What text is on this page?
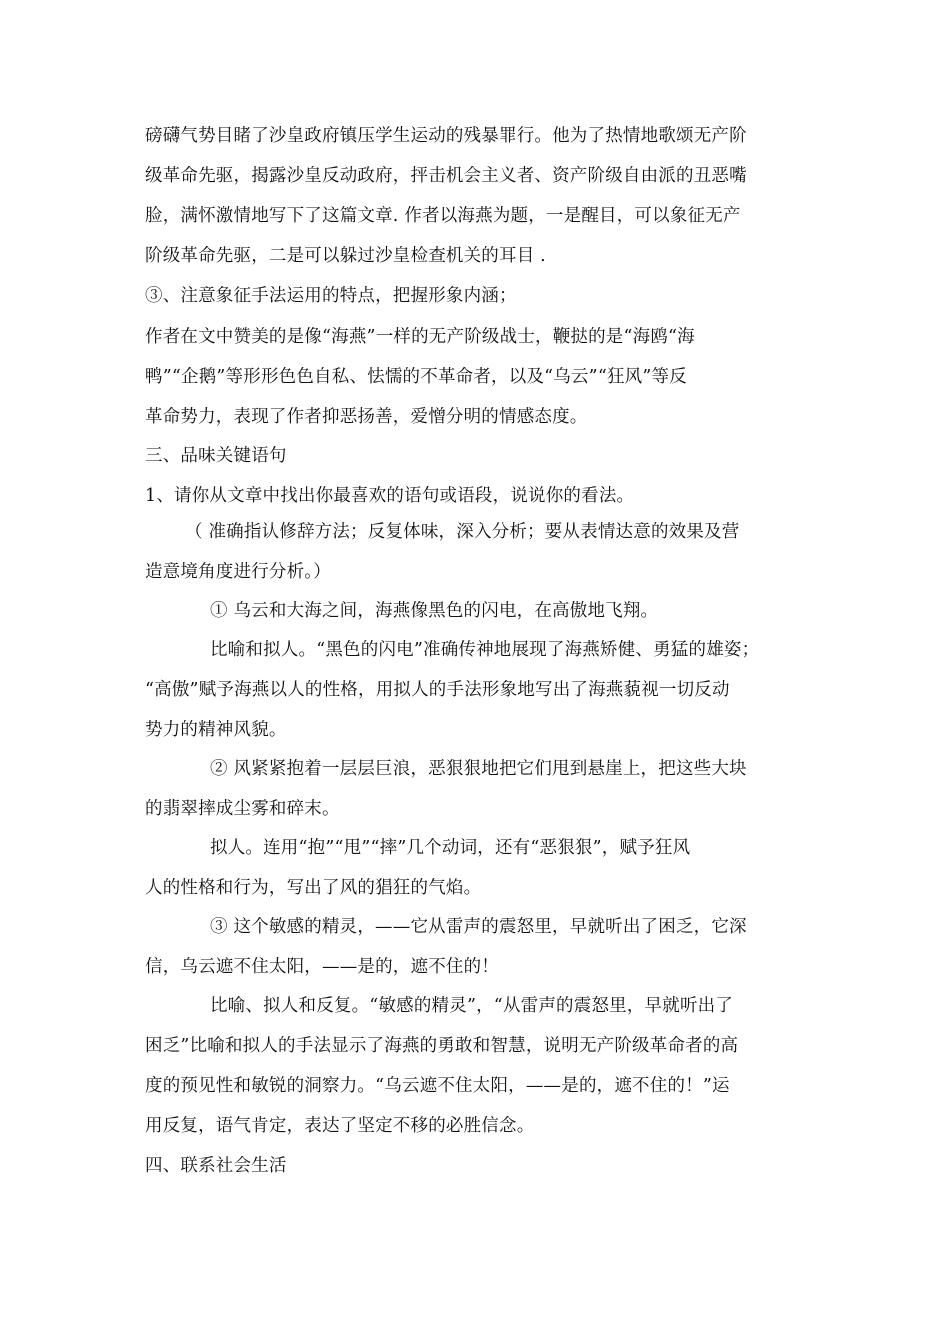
磅礴气势目睹了沙皇政府镇压学生运动的残暴罪行。他为了热情地歌颂无产阶
级革命先驱，揭露沙皇反动政府，抨击机会主义者、资产阶级自由派的丑恶嘴
脸，满怀激情地写下了这篇文章. 作者以海燕为题，一是醒目，可以象征无产
阶级革命先驱，二是可以躲过沙皇检查机关的耳目 .
③、注意象征手法运用的特点，把握形象内涵；
作者在文中赞美的是像“海燕”一样的无产阶级战士，鞭挞的是“海鸥“海
鸭”“企鹅”等形形色色自私、怯懦的不革命者，以及“乌云”“狂风”等反
革命势力，表现了作者抑恶扬善，爱憎分明的情感态度。
三、品味关键语句
1、请你从文章中找出你最喜欢的语句或语段，说说你的看法。
（ 准确指认修辞方法；反复体味，深入分析；要从表情达意的效果及营
造意境角度进行分析。）
① 乌云和大海之间，海燕像黑色的闪电，在高傲地飞翔。
比喻和拟人。“黑色的闪电”准确传神地展现了海燕矫健、勇猛的雄姿；
“高傲”赋予海燕以人的性格，用拟人的手法形象地写出了海燕藐视一切反动
势力的精神风貌。
② 风紧紧抱着一层层巨浪，恶狠狠地把它们甩到悬崖上，把这些大块
的翡翠摔成尘雾和碎末。
拟人。连用“抱”“甩”“摔”几个动词，还有“恶狠狠”，赋予狂风
人的性格和行为，写出了风的猖狂的气焰。
③ 这个敏感的精灵，——它从雷声的震怒里，早就听出了困乏，它深
信，乌云遮不住太阳，——是的，遮不住的！
比喻、拟人和反复。“敏感的精灵”，“从雷声的震怒里，早就听出了
困乏”比喻和拟人的手法显示了海燕的勇敢和智慧，说明无产阶级革命者的高
度的预见性和敏锐的洞察力。“乌云遮不住太阳，——是的，遮不住的！”运
用反复，语气肯定，表达了坚定不移的必胜信念。
四、联系社会生活
